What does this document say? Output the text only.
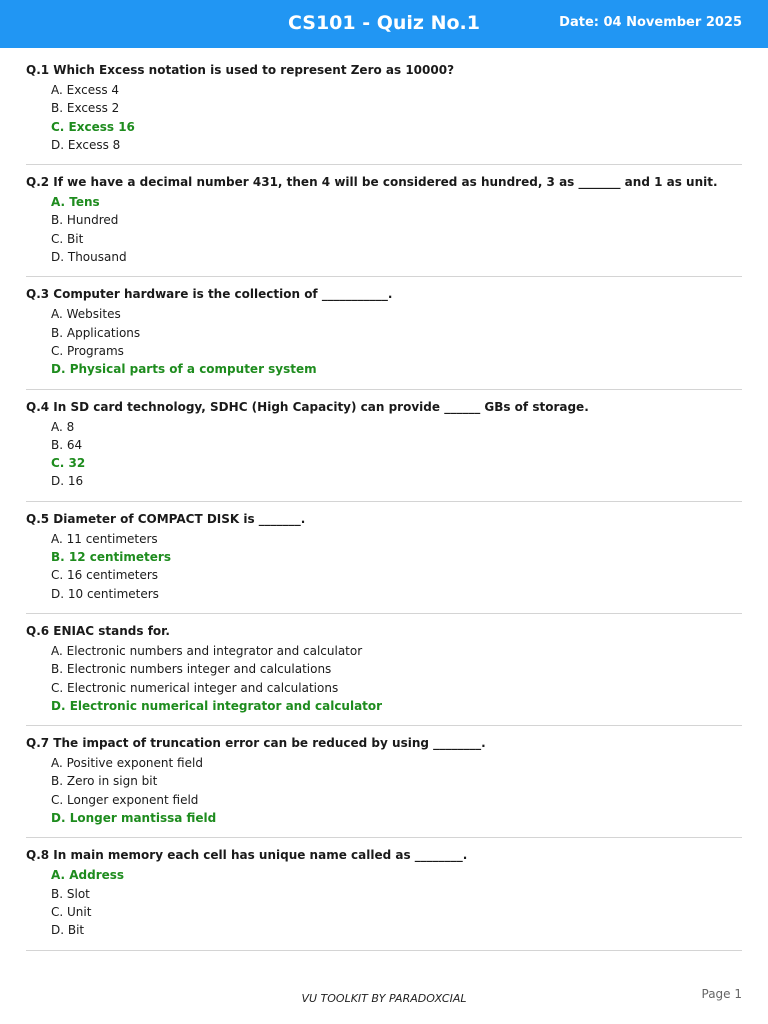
CS101 - Quiz No.1	Date: 04 November 2025
Q.1 Which Excess notation is used to represent Zero as 10000?
A. Excess 4
B. Excess 2
C. Excess 16
D. Excess 8
Q.2 If we have a decimal number 431, then 4 will be considered as hundred, 3 as _______ and 1 as unit.
A. Tens
B. Hundred
C. Bit
D. Thousand
Q.3 Computer hardware is the collection of ___________.
A. Websites
B. Applications
C. Programs
D. Physical parts of a computer system
Q.4 In SD card technology, SDHC (High Capacity) can provide ______ GBs of storage.
A. 8
B. 64
C. 32
D. 16
Q.5 Diameter of COMPACT DISK is _______.
A. 11 centimeters
B. 12 centimeters
C. 16 centimeters
D. 10 centimeters
Q.6 ENIAC stands for.
A. Electronic numbers and integrator and calculator
B. Electronic numbers integer and calculations
C. Electronic numerical integer and calculations
D. Electronic numerical integrator and calculator
Q.7 The impact of truncation error can be reduced by using ________.
A. Positive exponent field
B. Zero in sign bit
C. Longer exponent field
D. Longer mantissa field
Q.8 In main memory each cell has unique name called as ________.
A. Address
B. Slot
C. Unit
D. Bit
VU TOOLKIT BY PARADOXCIAL	Page 1
